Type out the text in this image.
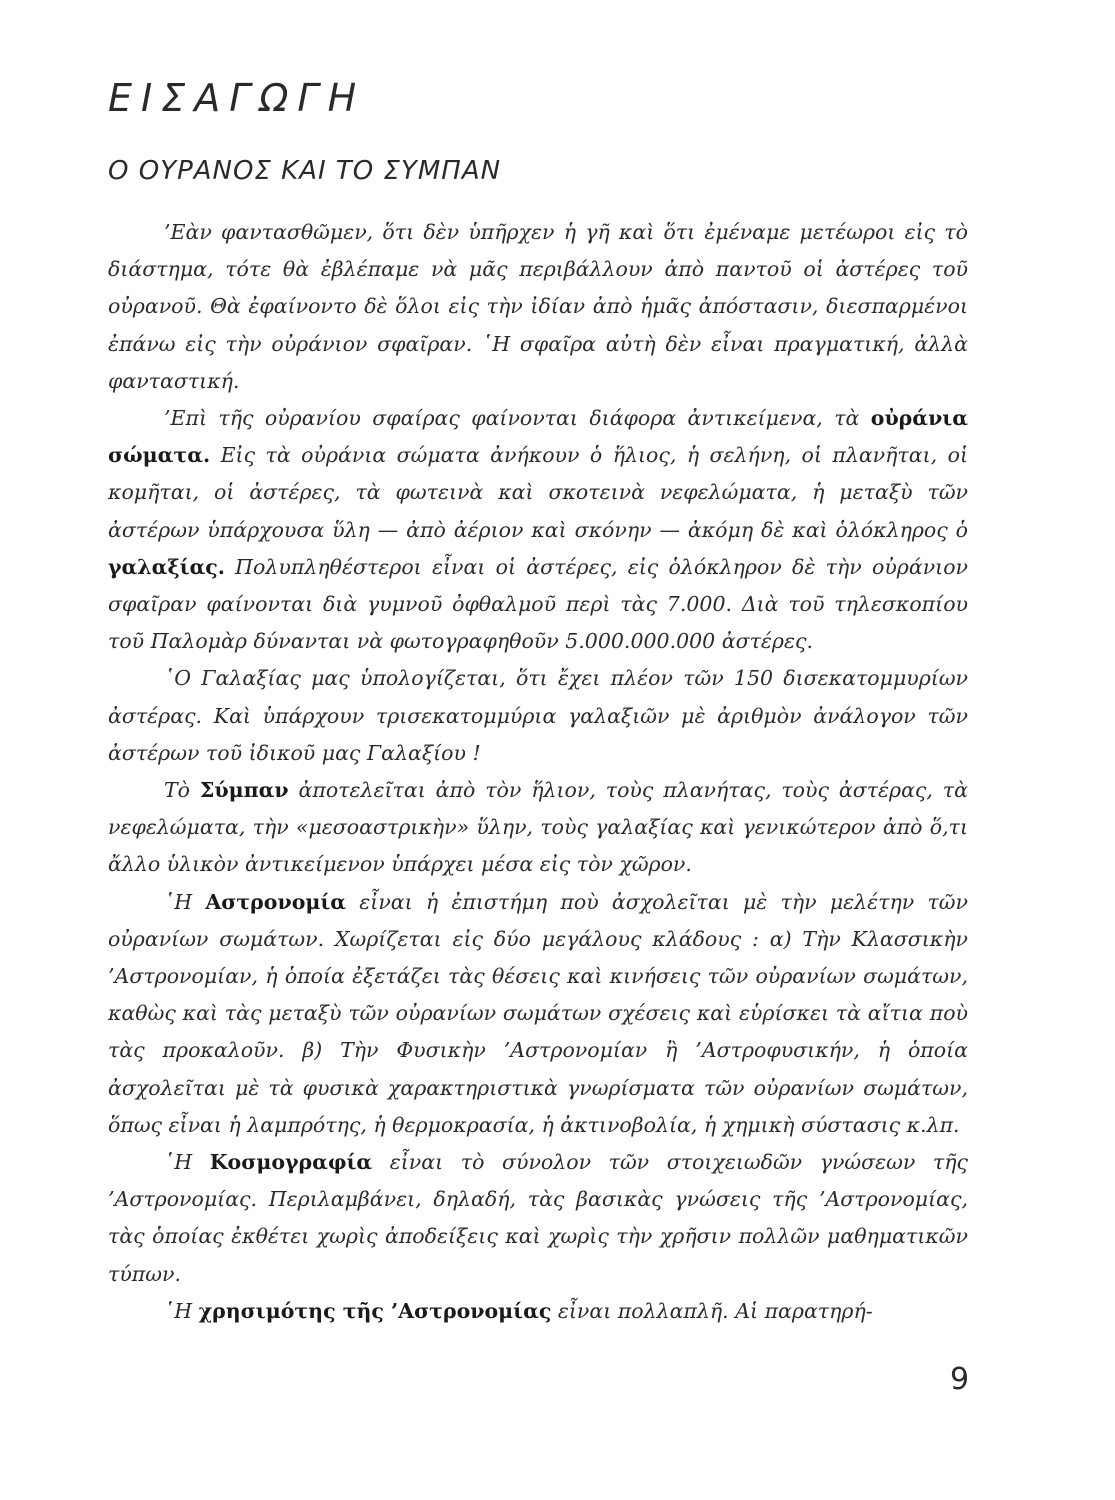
ΕΙΣΑΓΩΓΗ
Ο ΟΥΡΑΝΟΣ ΚΑΙ ΤΟ ΣΥΜΠΑΝ

’Εὰν φαντασθῶμεν, ὅτι δὲν ὑπῆρχεν ἡ γῆ καὶ ὅτι ἐμέναμε μετέωροι εἰς τὸ διάστημα, τότε θὰ ἐβλέπαμε νὰ μᾶς περιβάλλουν ἀπὸ παντοῦ οἱ ἀστέρες τοῦ οὐρανοῦ. Θὰ ἐφαίνοντο δὲ ὅλοι εἰς τὴν ἰδίαν ἀπὸ ἡμᾶς ἀπόστασιν, διεσπαρμένοι ἐπάνω εἰς τὴν οὐράνιον σφαῖραν. ῾Η σφαῖρα αὐτὴ δὲν εἶναι πραγματική, ἀλλὰ φανταστική.

’Επὶ τῆς οὐρανίου σφαίρας φαίνονται διάφορα ἀντικείμενα, τὰ οὐράνια σώματα. Εἰς τὰ οὐράνια σώματα ἀνήκουν ὁ ἥλιος, ἡ σελήνη, οἱ πλανῆται, οἱ κομῆται, οἱ ἀστέρες, τὰ φωτεινὰ καὶ σκοτεινὰ νεφελώματα, ἡ μεταξὺ τῶν ἀστέρων ὑπάρχουσα ὕλη — ἀπὸ ἀέριον καὶ σκόνην — ἀκόμη δὲ καὶ ὁλόκληρος ὁ γαλαξίας. Πολυπληθέστεροι εἶναι οἱ ἀστέρες, εἰς ὁλόκληρον δὲ τὴν οὐράνιον σφαῖραν φαίνονται διὰ γυμνοῦ ὀφθαλμοῦ περὶ τὰς 7.000. Διὰ τοῦ τηλεσκοπίου τοῦ Παλομὰρ δύνανται νὰ φωτογραφηθοῦν 5.000.000.000 ἀστέρες.

῾Ο Γαλαξίας μας ὑπολογίζεται, ὅτι ἔχει πλέον τῶν 150 δισεκατομμυρίων ἀστέρας. Καὶ ὑπάρχουν τρισεκατομμύρια γαλαξιῶν μὲ ἀριθμὸν ἀνάλογον τῶν ἀστέρων τοῦ ἰδικοῦ μας Γαλαξίου !

Τὸ Σύμπαν ἀποτελεῖται ἀπὸ τὸν ἥλιον, τοὺς πλανήτας, τοὺς ἀστέρας, τὰ νεφελώματα, τὴν «μεσοαστρικὴν» ὕλην, τοὺς γαλαξίας καὶ γενικώτερον ἀπὸ ὅ,τι ἄλλο ὑλικὸν ἀντικείμενον ὑπάρχει μέσα εἰς τὸν χῶρον.

῾Η Αστρονομία εἶναι ἡ ἐπιστήμη ποὺ ἀσχολεῖται μὲ τὴν μελέτην τῶν οὐρανίων σωμάτων. Χωρίζεται εἰς δύο μεγάλους κλάδους : α) Τὴν Κλασσικὴν ’Αστρονομίαν, ἡ ὁποία ἐξετάζει τὰς θέσεις καὶ κινήσεις τῶν οὐρανίων σωμάτων, καθὼς καὶ τὰς μεταξὺ τῶν οὐρανίων σωμάτων σχέσεις καὶ εὑρίσκει τὰ αἴτια ποὺ τὰς προκαλοῦν. β) Τὴν Φυσικὴν ’Αστρονομίαν ἢ ’Αστροφυσικήν, ἡ ὁποία ἀσχολεῖται μὲ τὰ φυσικὰ χαρακτηριστικὰ γνωρίσματα τῶν οὐρανίων σωμάτων, ὅπως εἶναι ἡ λαμπρότης, ἡ θερμοκρασία, ἡ ἀκτινοβολία, ἡ χημικὴ σύστασις κ.λπ.

῾Η Κοσμογραφία εἶναι τὸ σύνολον τῶν στοιχειωδῶν γνώσεων τῆς ’Αστρονομίας. Περιλαμβάνει, δηλαδή, τὰς βασικὰς γνώσεις τῆς ’Αστρονομίας, τὰς ὁποίας ἐκθέτει χωρὶς ἀποδείξεις καὶ χωρὶς τὴν χρῆσιν πολλῶν μαθηματικῶν τύπων.

῾Η χρησιμότης τῆς ’Αστρονομίας εἶναι πολλαπλῆ. Αἱ παρατηρή-

9
